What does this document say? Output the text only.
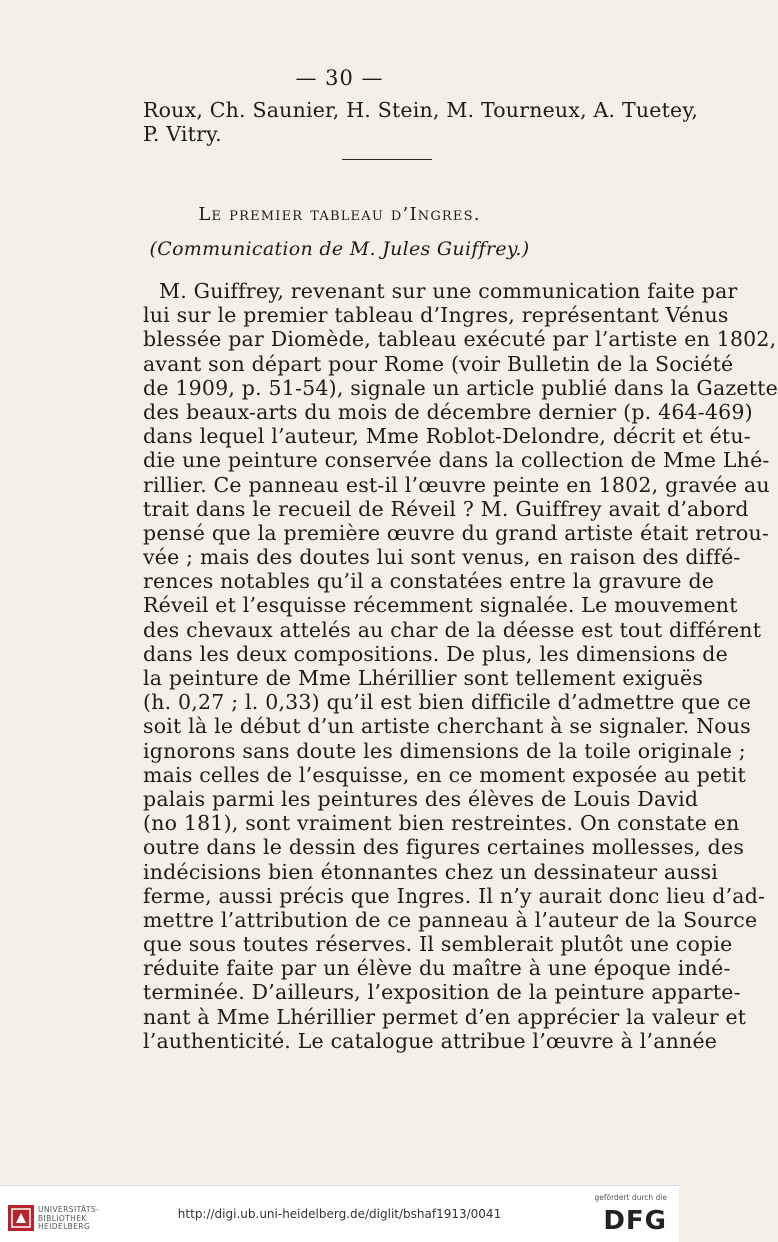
— 30 —
Roux, Ch. Saunier, H. Stein, M. Tourneux, A. Tuetey,
P. Vitry.
Le premier tableau d’Ingres.
(Communication de M. Jules Guiffrey.)
M. Guiffrey, revenant sur une communication faite par
lui sur le premier tableau d’Ingres, représentant Vénus
blessée par Diomède, tableau exécuté par l’artiste en 1802,
avant son départ pour Rome (voir Bulletin de la Société
de 1909, p. 51-54), signale un article publié dans la Gazette
des beaux-arts du mois de décembre dernier (p. 464-469)
dans lequel l’auteur, Mme Roblot-Delondre, décrit et étu-
die une peinture conservée dans la collection de Mme Lhé-
rillier. Ce panneau est-il l’œuvre peinte en 1802, gravée au
trait dans le recueil de Réveil ? M. Guiffrey avait d’abord
pensé que la première œuvre du grand artiste était retrou-
vée ; mais des doutes lui sont venus, en raison des diffé-
rences notables qu’il a constatées entre la gravure de
Réveil et l’esquisse récemment signalée. Le mouvement
des chevaux attelés au char de la déesse est tout différent
dans les deux compositions. De plus, les dimensions de
la peinture de Mme Lhérillier sont tellement exiguës
(h. 0,27 ; l. 0,33) qu’il est bien difficile d’admettre que ce
soit là le début d’un artiste cherchant à se signaler. Nous
ignorons sans doute les dimensions de la toile originale ;
mais celles de l’esquisse, en ce moment exposée au petit
palais parmi les peintures des élèves de Louis David
(no 181), sont vraiment bien restreintes. On constate en
outre dans le dessin des figures certaines mollesses, des
indécisions bien étonnantes chez un dessinateur aussi
ferme, aussi précis que Ingres. Il n’y aurait donc lieu d’ad-
mettre l’attribution de ce panneau à l’auteur de la Source
que sous toutes réserves. Il semblerait plutôt une copie
réduite faite par un élève du maître à une époque indé-
terminée. D’ailleurs, l’exposition de la peinture apparte-
nant à Mme Lhérillier permet d’en apprécier la valeur et
l’authenticité. Le catalogue attribue l’œuvre à l’année
UNIVERSITÄTS-
BIBLIOTHEK
HEIDELBERG
http://digi.ub.uni-heidelberg.de/diglit/bshaf1913/0041
gefördert durch die
DFG
